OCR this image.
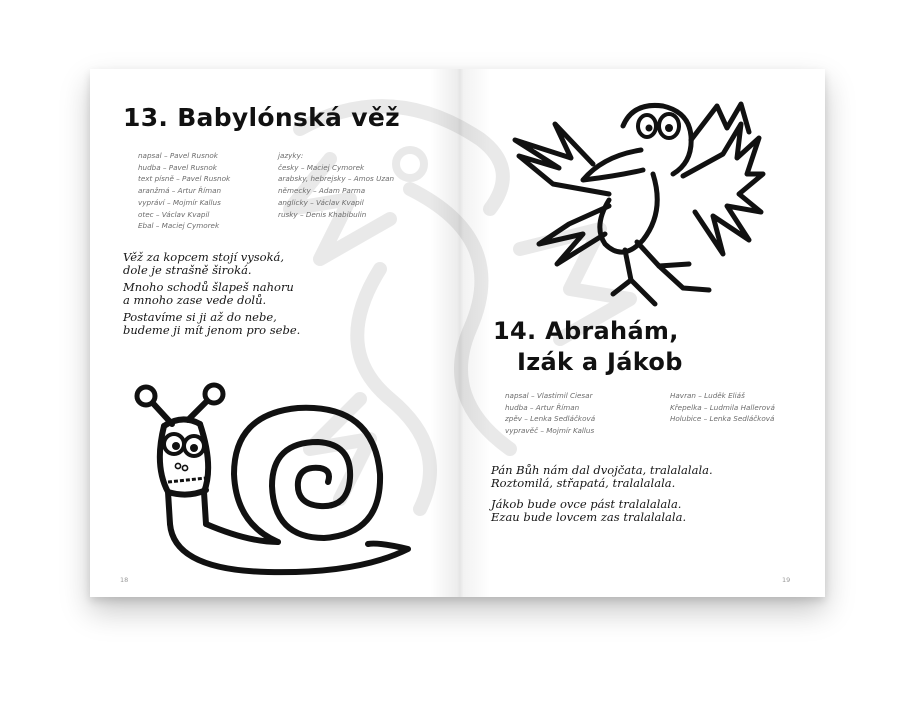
13. Babylónská věž
napsal – Pavel Rusnok
hudba – Pavel Rusnok
text písně – Pavel Rusnok
aranžmá – Artur Říman
vypráví – Mojmír Kallus
otec – Václav Kvapil
Ebal – Maciej Cymorek
jazyky:
česky – Maciej Cymorek
arabsky, hebrejsky – Amos Uzan
německy – Adam Parma
anglicky – Václav Kvapil
rusky – Denis Khabibulin

Věž za kopcem stojí vysoká,
dole je strašně široká.

Mnoho schodů šlapeš nahoru
a mnoho zase vede dolů.

Postavíme si ji až do nebe,
budeme ji mít jenom pro sebe.

18
14. Abrahám,
Izák a Jákob
napsal – Vlastimil Ciesar
hudba – Artur Říman
zpěv – Lenka Sedláčková
vypravěč – Mojmír Kallus
Havran – Luděk Eliáš
Křepelka – Ludmila Hallerová
Holubice – Lenka Sedláčková

Pán Bůh nám dal dvojčata, tralalalala.
Roztomilá, střapatá, tralalalala.

Jákob bude ovce pást tralalalala.
Ezau bude lovcem zas tralalalala.

19
